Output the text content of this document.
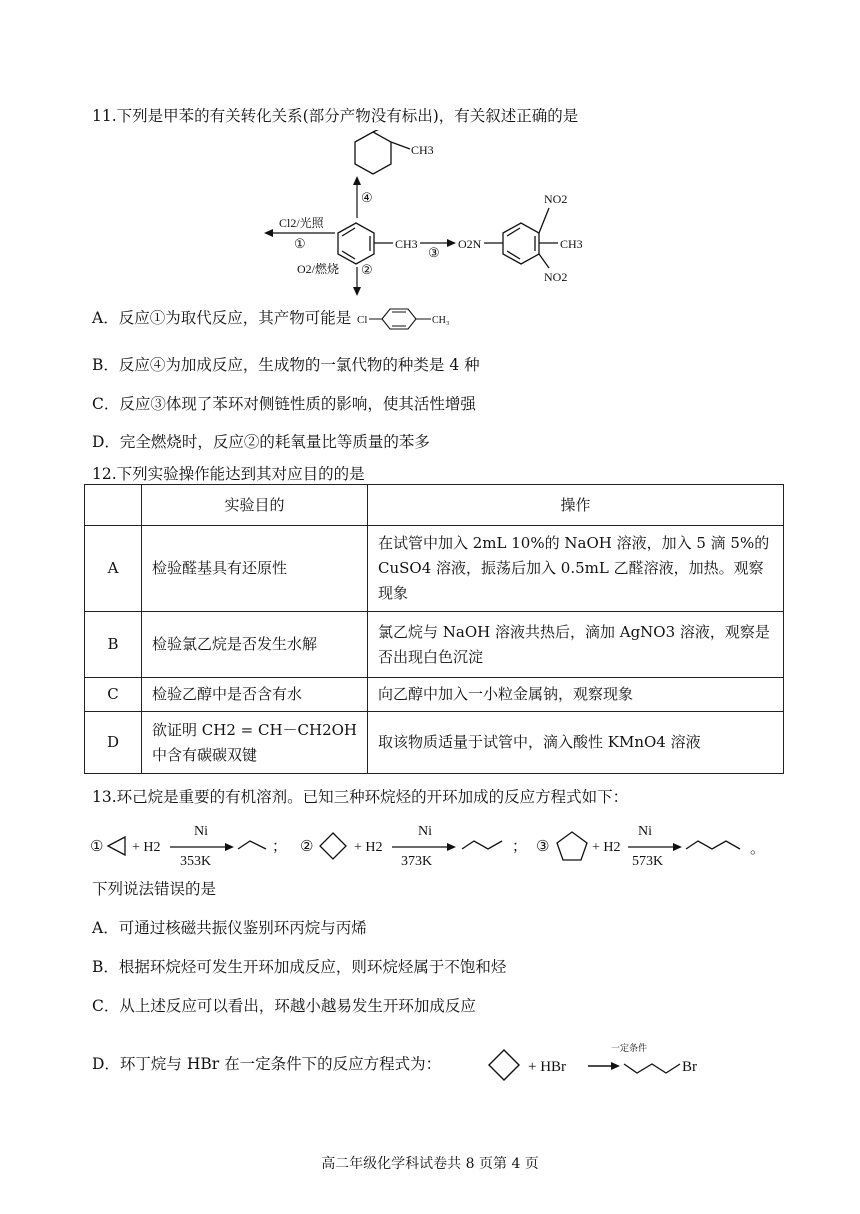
11.下列是甲苯的有关转化关系(部分产物没有标出)，有关叙述正确的是
CH3
④
CH3
Cl2/光照
①
O2/燃烧 ②
③
O2N
NO2
CH3
NO2
A．反应①为取代反应，其产物可能是 Cl	CH₃
B．反应④为加成反应，生成物的一氯代物的种类是 4 种
C．反应③体现了苯环对侧链性质的影响，使其活性增强
D．完全燃烧时，反应②的耗氧量比等质量的苯多
12.下列实验操作能达到其对应目的的是
	实验目的	操作
A	检验醛基具有还原性	在试管中加入 2mL 10%的 NaOH 溶液，加入 5 滴 5%的 CuSO4 溶液，振荡后加入 0.5mL 乙醛溶液，加热。观察现象
B	检验氯乙烷是否发生水解	氯乙烷与 NaOH 溶液共热后，滴加 AgNO3 溶液，观察是否出现白色沉淀
C	检验乙醇中是否含有水	向乙醇中加入一小粒金属钠，观察现象
D	欲证明 CH2 = CH－CH2OH 中含有碳碳双键	取该物质适量于试管中，滴入酸性 KMnO4 溶液
13.环己烷是重要的有机溶剂。已知三种环烷烃的开环加成的反应方程式如下：
① + H2
Ni
353K
； ②	+ H2
Ni
373K
； ③	+ H2
Ni
573K
。
下列说法错误的是
A．可通过核磁共振仪鉴别环丙烷与丙烯
B．根据环烷烃可发生开环加成反应，则环烷烃属于不饱和烃
C．从上述反应可以看出，环越小越易发生开环加成反应
D．环丁烷与 HBr 在一定条件下的反应方程式为：	+ HBr
一定条件
Br
高二年级化学科试卷共 8 页第 4 页
